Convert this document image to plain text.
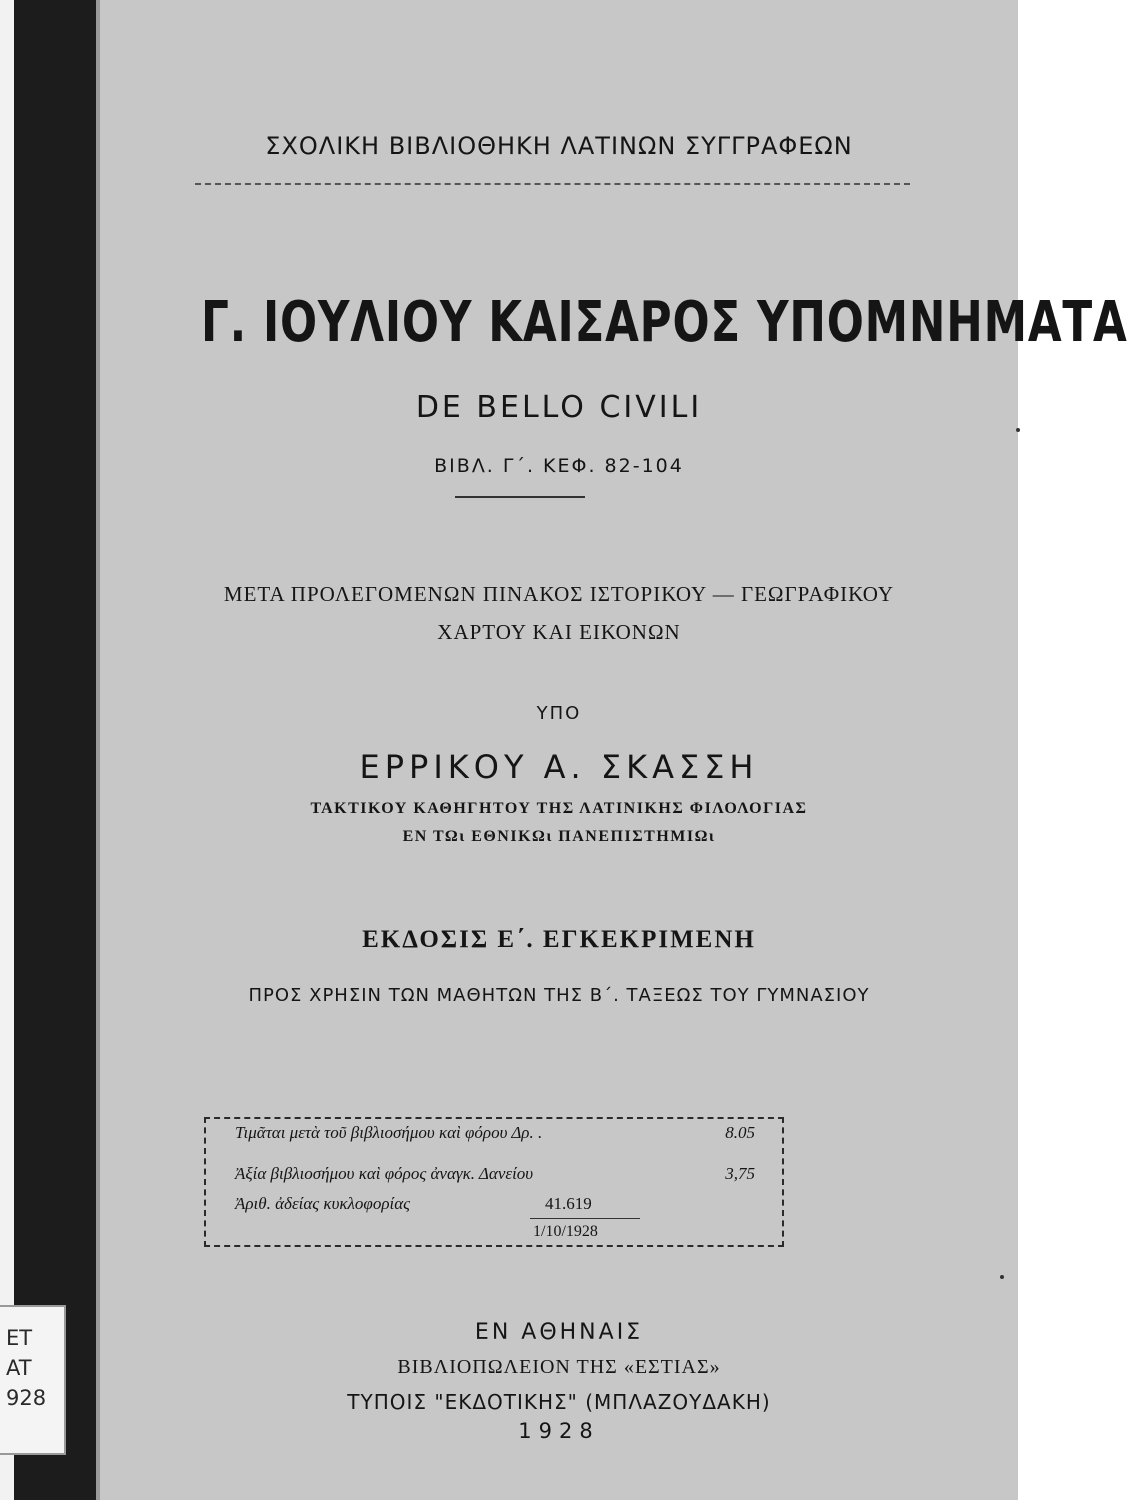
ET
AT
928
ΣΧΟΛΙΚΗ ΒΙΒΛΙΟΘΗΚΗ ΛΑΤΙΝΩΝ ΣΥΓΓΡΑΦΕΩΝ
Γ. ΙΟΥΛΙΟΥ ΚΑΙΣΑΡΟΣ ΥΠΟΜΝΗΜΑΤΑ
DE BELLO CIVILI
ΒΙΒΛ. Γ΄. ΚΕΦ. 82-104
ΜΕΤΑ ΠΡΟΛΕΓΟΜΕΝΩΝ ΠΙΝΑΚΟΣ ΙΣΤΟΡΙΚΟΥ — ΓΕΩΓΡΑΦΙΚΟΥ
ΧΑΡΤΟΥ ΚΑΙ ΕΙΚΟΝΩΝ
ΥΠΟ
ΕΡΡΙΚΟΥ Α. ΣΚΑΣΣΗ
ΤΑΚΤΙΚΟΥ ΚΑΘΗΓΗΤΟΥ ΤΗΣ ΛΑΤΙΝΙΚΗΣ ΦΙΛΟΛΟΓΙΑΣ
ΕΝ ΤΩι ΕΘΝΙΚΩι ΠΑΝΕΠΙΣΤΗΜΙΩι
ΕΚΔΟΣΙΣ Ε΄. ΕΓΚΕΚΡΙΜΕΝΗ
ΠΡΟΣ ΧΡΗΣΙΝ ΤΩΝ ΜΑΘΗΤΩΝ ΤΗΣ Β΄. ΤΑΞΕΩΣ ΤΟΥ ΓΥΜΝΑΣΙΟΥ
Τιμᾶται μετὰ τοῦ βιβλιοσήμου καὶ φόρου Δρ. .	8.05
Ἀξία βιβλιοσήμου καὶ φόρος ἀναγκ. Δανείου	3,75
Ἀριθ. ἀδείας κυκλοφορίας	41.619
1/10/1928
ΕΝ ΑΘΗΝΑΙΣ
ΒΙΒΛΙΟΠΩΛΕΙΟΝ ΤΗΣ «ΕΣΤΙΑΣ»
ΤΥΠΟΙΣ "ΕΚΔΟΤΙΚΗΣ" (ΜΠΛΑΖΟΥΔΑΚΗ)
1928
